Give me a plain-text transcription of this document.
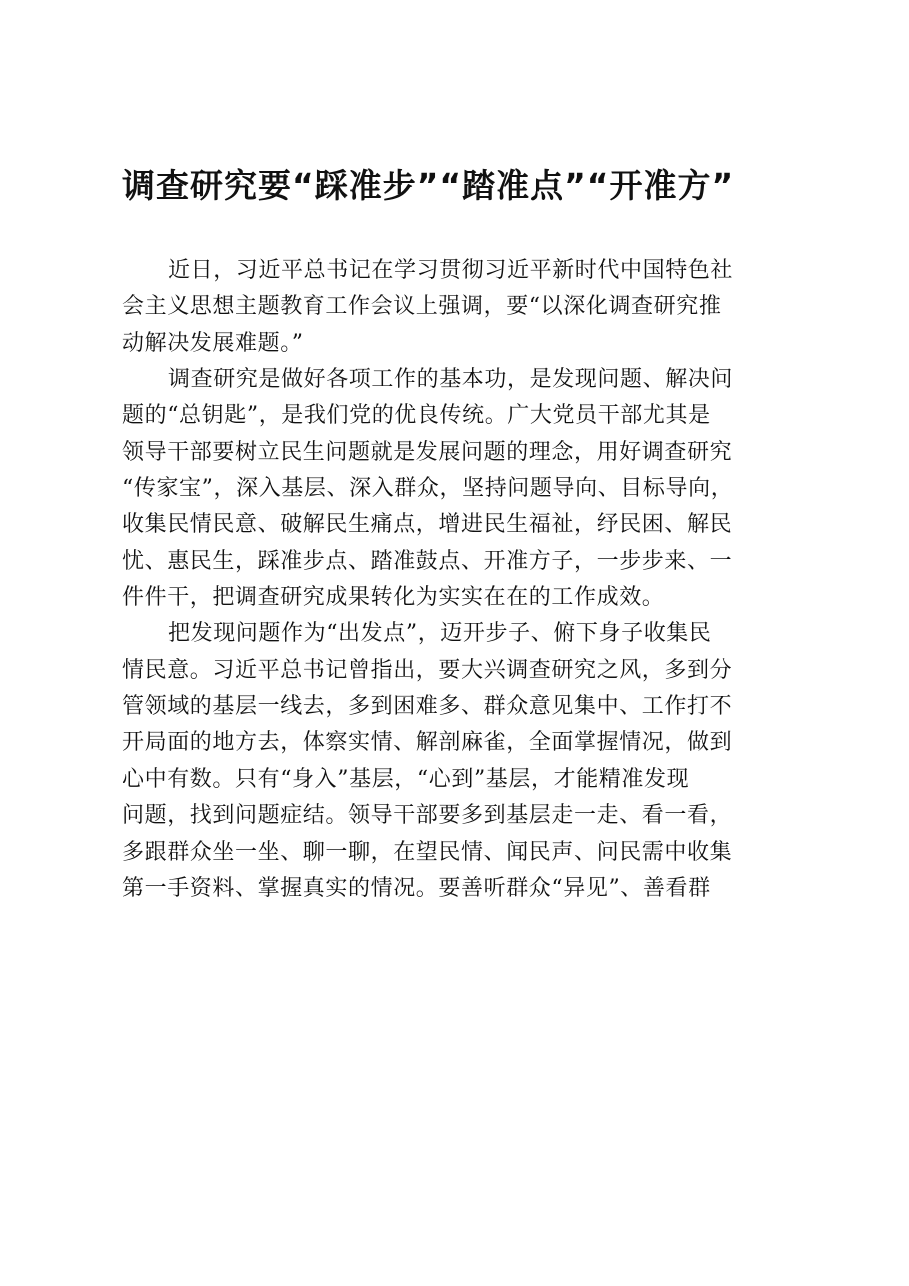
调查研究要“踩准步”“踏准点”“开准方”
近日，习近平总书记在学习贯彻习近平新时代中国特色社
会主义思想主题教育工作会议上强调，要“以深化调查研究推
动解决发展难题。”
调查研究是做好各项工作的基本功，是发现问题、解决问
题的“总钥匙”，是我们党的优良传统。广大党员干部尤其是
领导干部要树立民生问题就是发展问题的理念，用好调查研究
“传家宝”，深入基层、深入群众，坚持问题导向、目标导向，
收集民情民意、破解民生痛点，增进民生福祉，纾民困、解民
忧、惠民生，踩准步点、踏准鼓点、开准方子，一步步来、一
件件干，把调查研究成果转化为实实在在的工作成效。
把发现问题作为“出发点”，迈开步子、俯下身子收集民
情民意。习近平总书记曾指出，要大兴调查研究之风，多到分
管领域的基层一线去，多到困难多、群众意见集中、工作打不
开局面的地方去，体察实情、解剖麻雀，全面掌握情况，做到
心中有数。只有“身入”基层，“心到”基层，才能精准发现
问题，找到问题症结。领导干部要多到基层走一走、看一看，
多跟群众坐一坐、聊一聊，在望民情、闻民声、问民需中收集
第一手资料、掌握真实的情况。要善听群众“异见”、善看群
